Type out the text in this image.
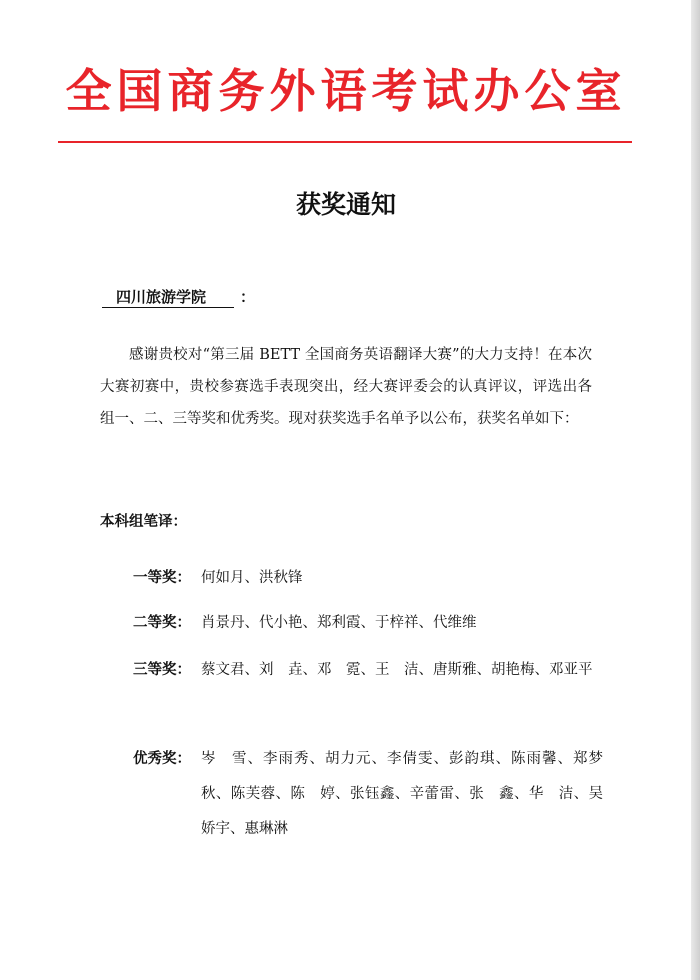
全国商务外语考试办公室
获奖通知
四川旅游学院 ：
感谢贵校对“第三届 BETT 全国商务英语翻译大赛”的大力支持！在本次大赛初赛中，贵校参赛选手表现突出，经大赛评委会的认真评议，评选出各组一、二、三等奖和优秀奖。现对获奖选手名单予以公布，获奖名单如下：
本科组笔译：
一等奖： 何如月、洪秋锋
二等奖： 肖景丹、代小艳、郑利霞、于梓祥、代维维
三等奖： 蔡文君、刘　垚、邓　霓、王　洁、唐斯雅、胡艳梅、邓亚平
优秀奖： 岑　雪、李雨秀、胡力元、李倩雯、彭韵琪、陈雨馨、郑梦秋、陈芙蓉、陈　婷、张钰鑫、辛蕾雷、张　鑫、华　洁、吴娇宇、惠琳淋
